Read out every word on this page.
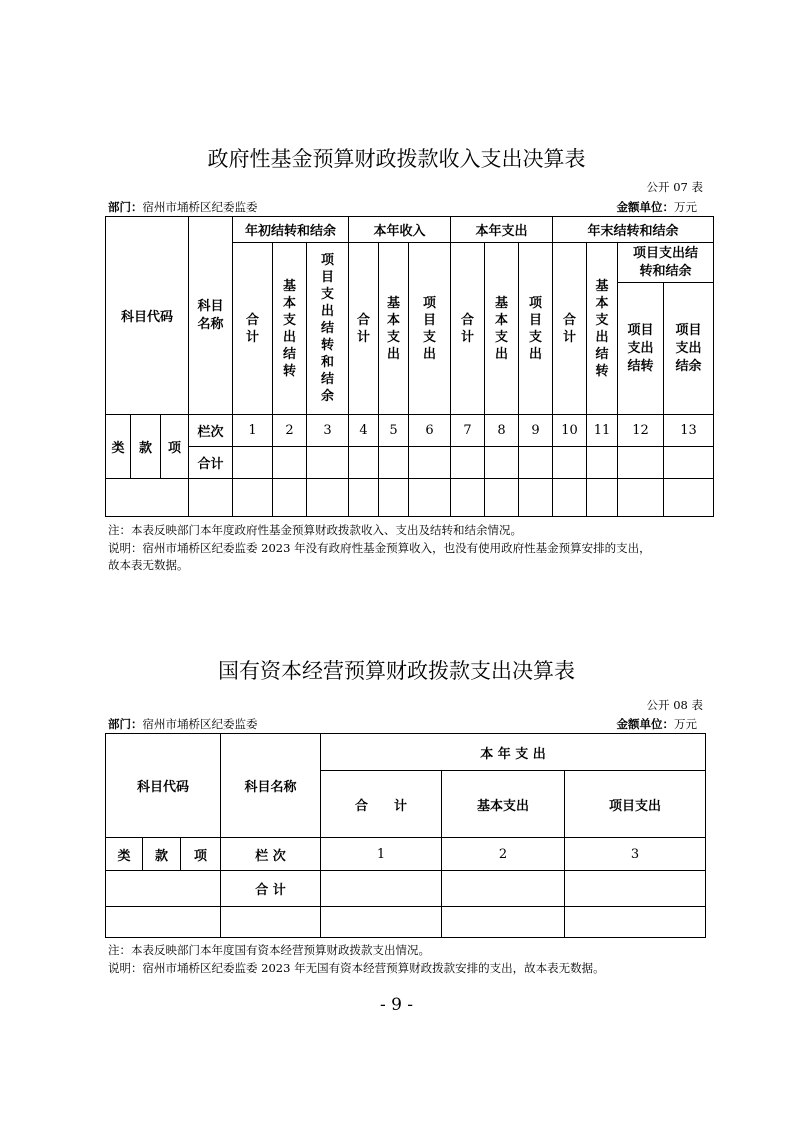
政府性基金预算财政拨款收入支出决算表
公开 07 表
部门：宿州市埇桥区纪委监委	金额单位：万元
科目代码			科目名称	年初结转和结余			本年收入			本年支出			年末结转和结余			
				合计	基本支出结转	项目支出结转和结余	合计	基本支出	项目支出	合计	基本支出	项目支出	合计	基本支出结转	项目支出结转和结余	
															项目支出结转	项目支出结余
类	款	项	栏次	1	2	3	4	5	6	7	8	9	10	11	12	13
			合计													

注：本表反映部门本年度政府性基金预算财政拨款收入、支出及结转和结余情况。
说明：宿州市埇桥区纪委监委 2023 年没有政府性基金预算收入，也没有使用政府性基金预算安排的支出，
故本表无数据。
国有资本经营预算财政拨款支出决算表
公开 08 表
部门：宿州市埇桥区纪委监委	金额单位：万元
科目代码			科目名称	本 年 支 出		
				合　　计	基本支出	项目支出
类	款	项	栏 次	1	2	3
			合 计			

注：本表反映部门本年度国有资本经营预算财政拨款支出情况。
说明：宿州市埇桥区纪委监委 2023 年无国有资本经营预算财政拨款安排的支出，故本表无数据。
- 9 -
